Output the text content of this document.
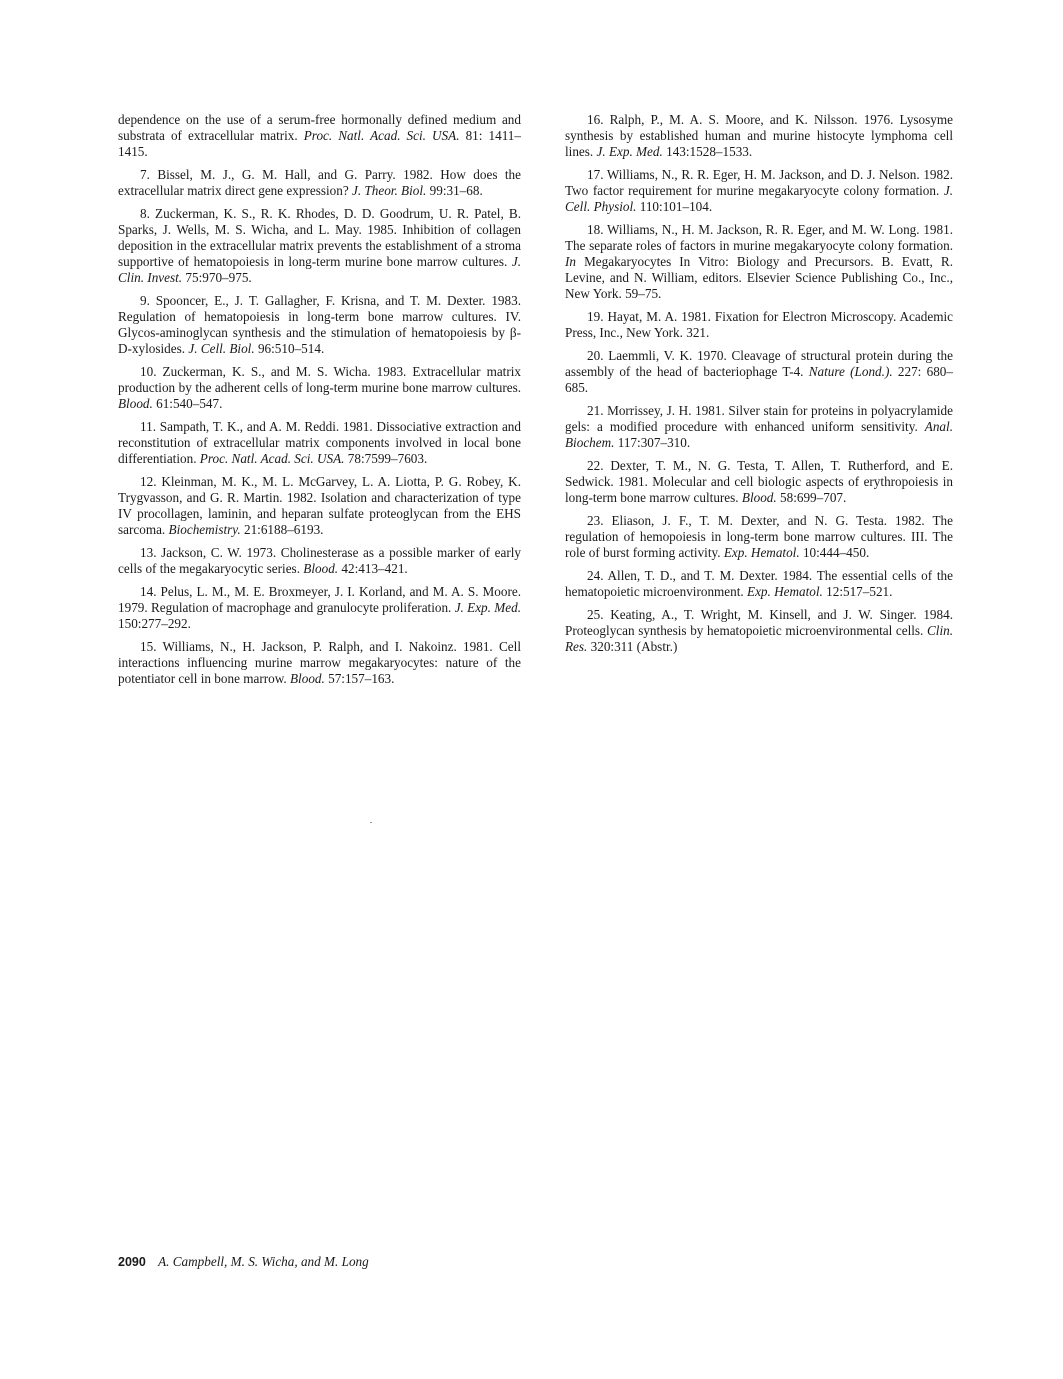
dependence on the use of a serum-free hormonally defined medium and substrata of extracellular matrix. Proc. Natl. Acad. Sci. USA. 81: 1411–1415.

7. Bissel, M. J., G. M. Hall, and G. Parry. 1982. How does the extracellular matrix direct gene expression? J. Theor. Biol. 99:31–68.

8. Zuckerman, K. S., R. K. Rhodes, D. D. Goodrum, U. R. Patel, B. Sparks, J. Wells, M. S. Wicha, and L. May. 1985. Inhibition of collagen deposition in the extracellular matrix prevents the establishment of a stroma supportive of hematopoiesis in long-term murine bone marrow cultures. J. Clin. Invest. 75:970–975.

9. Spooncer, E., J. T. Gallagher, F. Krisna, and T. M. Dexter. 1983. Regulation of hematopoiesis in long-term bone marrow cultures. IV. Glycos-aminoglycan synthesis and the stimulation of hematopoiesis by β-D-xylosides. J. Cell. Biol. 96:510–514.

10. Zuckerman, K. S., and M. S. Wicha. 1983. Extracellular matrix production by the adherent cells of long-term murine bone marrow cultures. Blood. 61:540–547.

11. Sampath, T. K., and A. M. Reddi. 1981. Dissociative extraction and reconstitution of extracellular matrix components involved in local bone differentiation. Proc. Natl. Acad. Sci. USA. 78:7599–7603.

12. Kleinman, M. K., M. L. McGarvey, L. A. Liotta, P. G. Robey, K. Trygvasson, and G. R. Martin. 1982. Isolation and characterization of type IV procollagen, laminin, and heparan sulfate proteoglycan from the EHS sarcoma. Biochemistry. 21:6188–6193.

13. Jackson, C. W. 1973. Cholinesterase as a possible marker of early cells of the megakaryocytic series. Blood. 42:413–421.

14. Pelus, L. M., M. E. Broxmeyer, J. I. Korland, and M. A. S. Moore. 1979. Regulation of macrophage and granulocyte proliferation. J. Exp. Med. 150:277–292.

15. Williams, N., H. Jackson, P. Ralph, and I. Nakoinz. 1981. Cell interactions influencing murine marrow megakaryocytes: nature of the potentiator cell in bone marrow. Blood. 57:157–163.

16. Ralph, P., M. A. S. Moore, and K. Nilsson. 1976. Lysosyme synthesis by established human and murine histocyte lymphoma cell lines. J. Exp. Med. 143:1528–1533.

17. Williams, N., R. R. Eger, H. M. Jackson, and D. J. Nelson. 1982. Two factor requirement for murine megakaryocyte colony formation. J. Cell. Physiol. 110:101–104.

18. Williams, N., H. M. Jackson, R. R. Eger, and M. W. Long. 1981. The separate roles of factors in murine megakaryocyte colony formation. In Megakaryocytes In Vitro: Biology and Precursors. B. Evatt, R. Levine, and N. William, editors. Elsevier Science Publishing Co., Inc., New York. 59–75.

19. Hayat, M. A. 1981. Fixation for Electron Microscopy. Academic Press, Inc., New York. 321.

20. Laemmli, V. K. 1970. Cleavage of structural protein during the assembly of the head of bacteriophage T-4. Nature (Lond.). 227: 680–685.

21. Morrissey, J. H. 1981. Silver stain for proteins in polyacrylamide gels: a modified procedure with enhanced uniform sensitivity. Anal. Biochem. 117:307–310.

22. Dexter, T. M., N. G. Testa, T. Allen, T. Rutherford, and E. Sedwick. 1981. Molecular and cell biologic aspects of erythropoiesis in long-term bone marrow cultures. Blood. 58:699–707.

23. Eliason, J. F., T. M. Dexter, and N. G. Testa. 1982. The regulation of hemopoiesis in long-term bone marrow cultures. III. The role of burst forming activity. Exp. Hematol. 10:444–450.

24. Allen, T. D., and T. M. Dexter. 1984. The essential cells of the hematopoietic microenvironment. Exp. Hematol. 12:517–521.

25. Keating, A., T. Wright, M. Kinsell, and J. W. Singer. 1984. Proteoglycan synthesis by hematopoietic microenvironmental cells. Clin. Res. 320:311 (Abstr.)

2090 A. Campbell, M. S. Wicha, and M. Long
